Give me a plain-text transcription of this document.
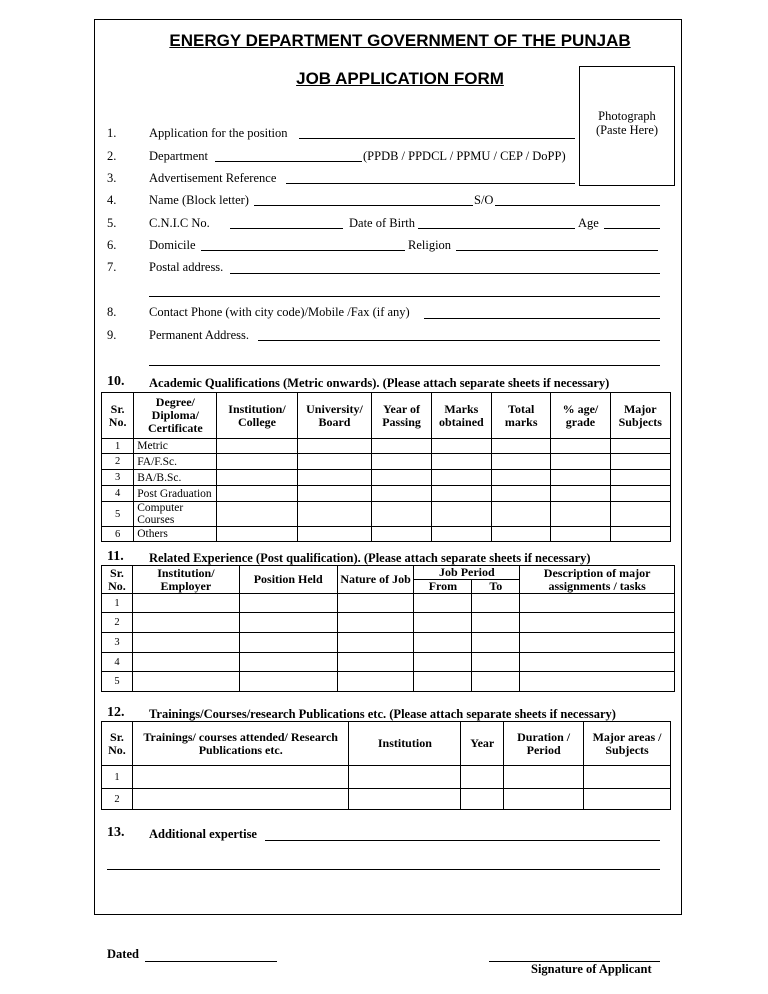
ENERGY DEPARTMENT GOVERNMENT OF THE PUNJAB
JOB APPLICATION FORM
Photograph
(Paste Here)
1.	Application for the position
2.	Department	(PPDB / PPDCL / PPMU / CEP / DoPP)
3.	Advertisement Reference
4.	Name (Block letter)	S/O
5.	C.N.I.C No.	Date of Birth	Age
6.	Domicile	Religion
7.	Postal address.
8.	Contact Phone (with city code)/Mobile /Fax (if any)
9.	Permanent Address.
10. Academic Qualifications (Metric onwards). (Please attach separate sheets if necessary)
Sr. No.	Degree/ Diploma/ Certificate	Institution/ College	University/ Board	Year of Passing	Marks obtained	Total marks	% age/ grade	Major Subjects
1	Metric							
2	FA/F.Sc.							
3	BA/B.Sc.							
4	Post Graduation							
5	Computer Courses							
6	Others							
11. Related Experience (Post qualification). (Please attach separate sheets if necessary)
Sr. No.	Institution/ Employer	Position Held	Nature of Job	Job Period		Description of major assignments / tasks
				From	To	
1						
2						
3						
4						
5						
12. Trainings/Courses/research Publications etc. (Please attach separate sheets if necessary)
Sr. No.	Trainings/ courses attended/ Research Publications etc.	Institution	Year	Duration / Period	Major areas / Subjects
1					
2					
13. Additional expertise
Dated
Signature of Applicant
